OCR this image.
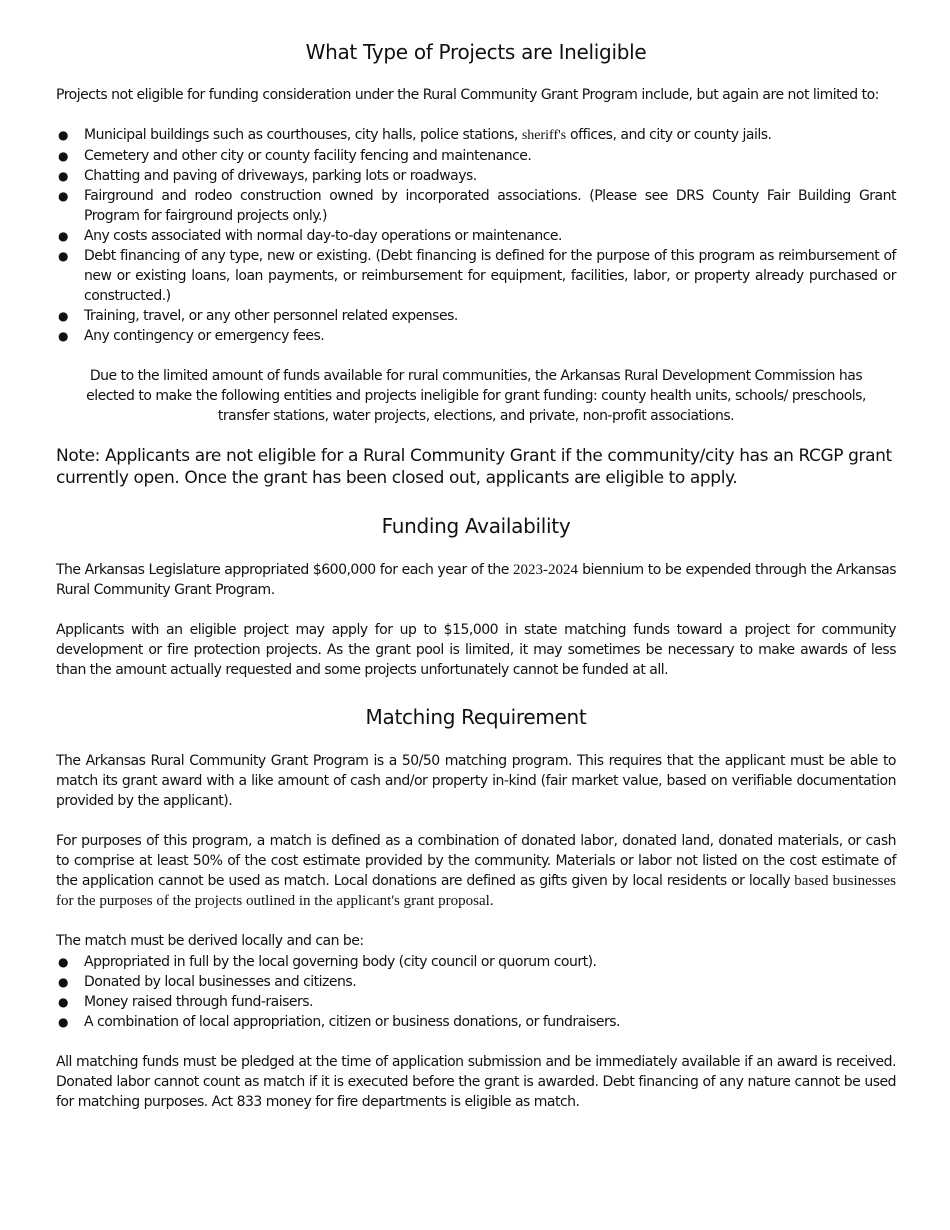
What Type of Projects are Ineligible

Projects not eligible for funding consideration under the Rural Community Grant Program include, but again are not limited to:

● Municipal buildings such as courthouses, city halls, police stations, sheriff's offices, and city or county jails.
● Cemetery and other city or county facility fencing and maintenance.
● Chatting and paving of driveways, parking lots or roadways.
● Fairground and rodeo construction owned by incorporated associations. (Please see DRS County Fair Building Grant Program for fairground projects only.)
● Any costs associated with normal day-to-day operations or maintenance.
● Debt financing of any type, new or existing. (Debt financing is defined for the purpose of this program as reimbursement of new or existing loans, loan payments, or reimbursement for equipment, facilities, labor, or property already purchased or constructed.)
● Training, travel, or any other personnel related expenses.
● Any contingency or emergency fees.

Due to the limited amount of funds available for rural communities, the Arkansas Rural Development Commission has elected to make the following entities and projects ineligible for grant funding: county health units, schools/ preschools, transfer stations, water projects, elections, and private, non-profit associations.

Note: Applicants are not eligible for a Rural Community Grant if the community/city has an RCGP grant currently open. Once the grant has been closed out, applicants are eligible to apply.

Funding Availability

The Arkansas Legislature appropriated $600,000 for each year of the 2023-2024 biennium to be expended through the Arkansas Rural Community Grant Program.

Applicants with an eligible project may apply for up to $15,000 in state matching funds toward a project for community development or fire protection projects. As the grant pool is limited, it may sometimes be necessary to make awards of less than the amount actually requested and some projects unfortunately cannot be funded at all.

Matching Requirement

The Arkansas Rural Community Grant Program is a 50/50 matching program. This requires that the applicant must be able to match its grant award with a like amount of cash and/or property in-kind (fair market value, based on verifiable documentation provided by the applicant).

For purposes of this program, a match is defined as a combination of donated labor, donated land, donated materials, or cash to comprise at least 50% of the cost estimate provided by the community. Materials or labor not listed on the cost estimate of the application cannot be used as match. Local donations are defined as gifts given by local residents or locally based businesses for the purposes of the projects outlined in the applicant's grant proposal.

The match must be derived locally and can be:

● Appropriated in full by the local governing body (city council or quorum court).
● Donated by local businesses and citizens.
● Money raised through fund-raisers.
● A combination of local appropriation, citizen or business donations, or fundraisers.

All matching funds must be pledged at the time of application submission and be immediately available if an award is received. Donated labor cannot count as match if it is executed before the grant is awarded. Debt financing of any nature cannot be used for matching purposes. Act 833 money for fire departments is eligible as match.
